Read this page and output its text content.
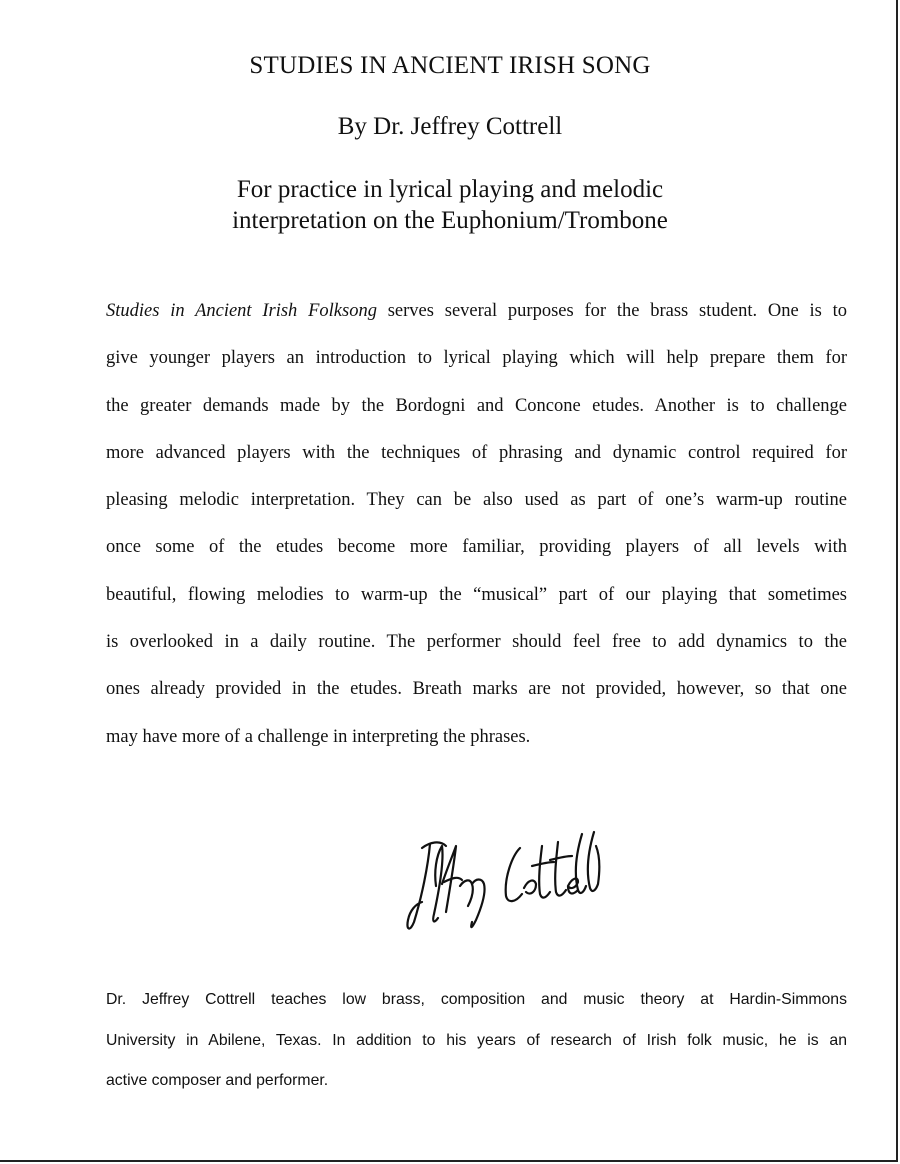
STUDIES IN ANCIENT IRISH SONG
By Dr. Jeffrey Cottrell
For practice in lyrical playing and melodic
interpretation on the Euphonium/Trombone
Studies in Ancient Irish Folksong serves several purposes for the brass student. One is to
give younger players an introduction to lyrical playing which will help prepare them for
the greater demands made by the Bordogni and Concone etudes. Another is to challenge
more advanced players with the techniques of phrasing and dynamic control required for
pleasing melodic interpretation. They can be also used as part of one’s warm-up routine
once some of the etudes become more familiar, providing players of all levels with
beautiful, flowing melodies to warm-up the “musical” part of our playing that sometimes
is overlooked in a daily routine. The performer should feel free to add dynamics to the
ones already provided in the etudes. Breath marks are not provided, however, so that one
may have more of a challenge in interpreting the phrases.
Dr. Jeffrey Cottrell teaches low brass, composition and music theory at Hardin-Simmons
University in Abilene, Texas. In addition to his years of research of Irish folk music, he is an
active composer and performer.
